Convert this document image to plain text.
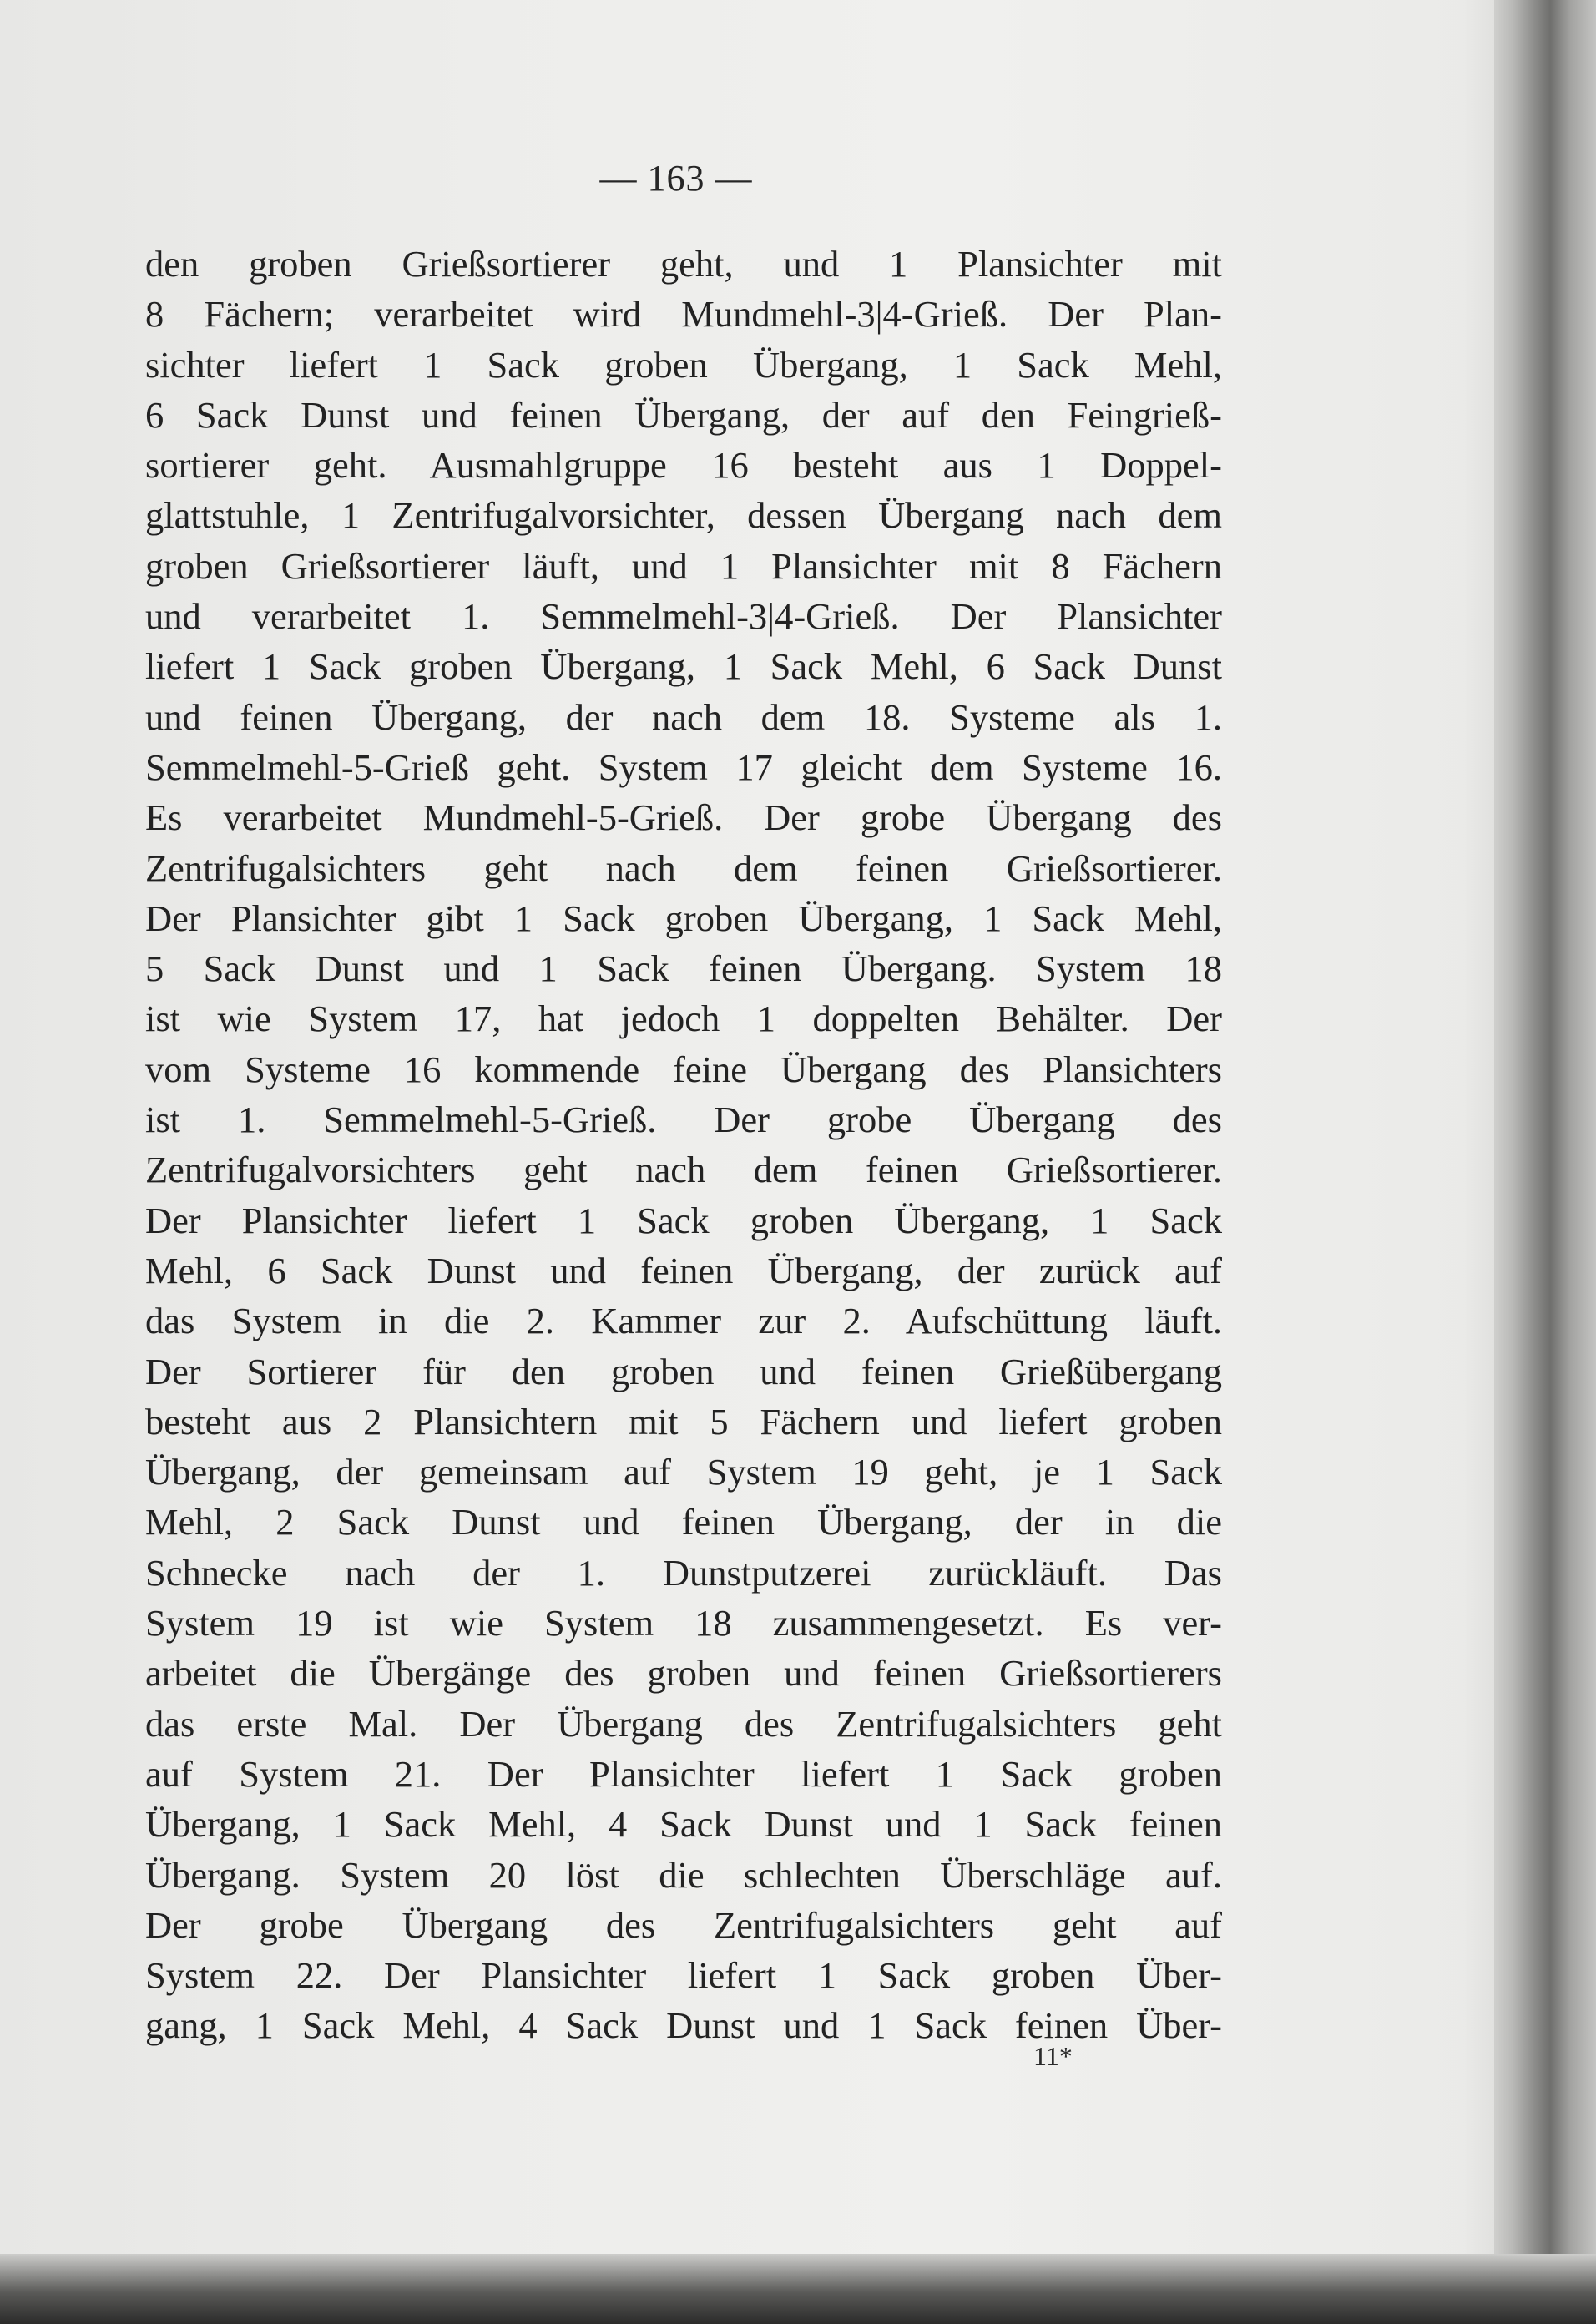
— 163 —
den groben Grießsortierer geht, und 1 Plansichter mit
8 Fächern; verarbeitet wird Mundmehl-3|4-Grieß. Der Plan-
sichter liefert 1 Sack groben Übergang, 1 Sack Mehl,
6 Sack Dunst und feinen Übergang, der auf den Feingrieß-
sortierer geht. Ausmahlgruppe 16 besteht aus 1 Doppel-
glattstuhle, 1 Zentrifugalvorsichter, dessen Übergang nach dem
groben Grießsortierer läuft, und 1 Plansichter mit 8 Fächern
und verarbeitet 1. Semmelmehl-3|4-Grieß. Der Plansichter
liefert 1 Sack groben Übergang, 1 Sack Mehl, 6 Sack Dunst
und feinen Übergang, der nach dem 18. Systeme als 1.
Semmelmehl-5-Grieß geht. System 17 gleicht dem Systeme 16.
Es verarbeitet Mundmehl-5-Grieß. Der grobe Übergang des
Zentrifugalsichters geht nach dem feinen Grießsortierer.
Der Plansichter gibt 1 Sack groben Übergang, 1 Sack Mehl,
5 Sack Dunst und 1 Sack feinen Übergang. System 18
ist wie System 17, hat jedoch 1 doppelten Behälter. Der
vom Systeme 16 kommende feine Übergang des Plansichters
ist 1. Semmelmehl-5-Grieß. Der grobe Übergang des
Zentrifugalvorsichters geht nach dem feinen Grießsortierer.
Der Plansichter liefert 1 Sack groben Übergang, 1 Sack
Mehl, 6 Sack Dunst und feinen Übergang, der zurück auf
das System in die 2. Kammer zur 2. Aufschüttung läuft.
Der Sortierer für den groben und feinen Grießübergang
besteht aus 2 Plansichtern mit 5 Fächern und liefert groben
Übergang, der gemeinsam auf System 19 geht, je 1 Sack
Mehl, 2 Sack Dunst und feinen Übergang, der in die
Schnecke nach der 1. Dunstputzerei zurückläuft. Das
System 19 ist wie System 18 zusammengesetzt. Es ver-
arbeitet die Übergänge des groben und feinen Grießsortierers
das erste Mal. Der Übergang des Zentrifugalsichters geht
auf System 21. Der Plansichter liefert 1 Sack groben
Übergang, 1 Sack Mehl, 4 Sack Dunst und 1 Sack feinen
Übergang. System 20 löst die schlechten Überschläge auf.
Der grobe Übergang des Zentrifugalsichters geht auf
System 22. Der Plansichter liefert 1 Sack groben Über-
gang, 1 Sack Mehl, 4 Sack Dunst und 1 Sack feinen Über-
11*
